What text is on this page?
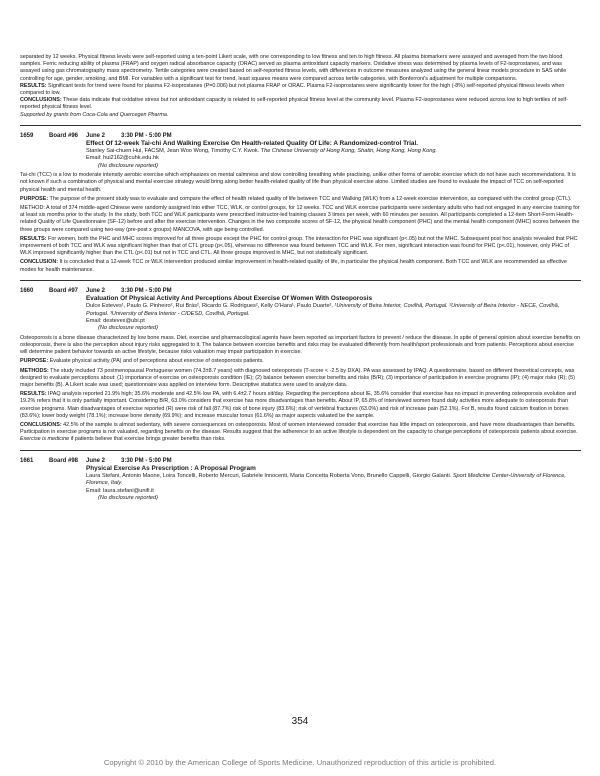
separated by 12 weeks. Physical fitness levels were self-reported using a ten-point Likert scale, with one corresponding to low fitness and ten to high fitness. All plasma biomarkers were assayed and averaged from the two blood samples. Ferric reducing ability of plasma (FRAP) and oxygen radical absorbance capacity (ORAC) served as plasma antioxidant capacity markers. Oxidative stress was determined by plasma levels of F2-isoprostanes, and was assayed using gas chromatography mass spectrometry. Tertile categories were created based on self-reported fitness levels, with differences in outcome measures analyzed using the general linear models procedure in SAS while controlling for age, gender, smoking, and BMI. For variables with a significant test for trend, least squares means were compared across tertile categories, with Bonferroni's adjustment for multiple comparisons.

RESULTS: Significant tests for trend were found for plasma F2-isoprostanes (P=0.006) but not plasma FRAP or ORAC. Plasma F2-isoprostanes were significantly lower for the high (-8%) self-reported physical fitness levels when compared to low.

CONCLUSIONS: These data indicate that oxidative stress but not antioxidant capacity is related to self-reported physical fitness level at the community level. Plasma F2-isoprostanes were reduced across low to high tertiles of self-reported physical fitness level.

Supported by grants from Coca-Cola and Quercegen Pharma.

1659	Board #96	June 2	3:30 PM - 5:00 PM
Effect Of 12-week Tai-chi And Walking Exercise On Health-related Quality Of Life: A Randomized-control Trial.

Stanley Sai-chuen Hui, FACSM, Jean Woo Wong, Timothy C.Y. Kwok. The Chinese University of Hong Kong, Shatin, Hong Kong, Hong Kong.

Email: hui2162@cuhk.edu.hk

(No disclosure reported)

Tai-chi (TCC) is a low to moderate intensity aerobic exercise which emphasizes on mental calmness and slow controlling breathing while practising, unlike other forms of aerobic exercise which do not have such recommendations. It is not known if such a combination of physical and mental exercise strategy would bring along better health-related quality of life than physical exercise alone. Limited studies are found to evaluate the impact of TCC on self-reported physical health and mental health.

PURPOSE: The purpose of the present study was to evaluate and compare the effect of health related quality of life between TCC and Walking (WLK) from a 12-week exercise intervention, as compared with the control group (CTL).

METHOD: A total of 374 middle-aged Chinese were randomly assigned into either TCC, WLK, or control groups, for 12 weeks. TCC and WLK exercise participants were sedentary adults who had not engaged in any exercise training for at least six months prior to the study. In the study, both TCC and WLK participants were prescribed instructor-led training classes 3 times per week, with 60 minutes per session. All participants completed a 12-item Short-Form Health-related Quality of Life Questionnaire (SF-12) before and after the exercise intervention. Changes in the two composite scores of SF-12, the physical health component (PHC) and the mental health component (MHC) scores between the three groups were compared using two-way (pre-post x groups) MANCOVA, with age being controlled.

RESULTS: For women, both the PHC and MHC scores improved for all three groups except the PHC for control group. The interaction for PHC was significant (p<.05) but not the MHC. Subsequent post hoc analysis revealed that PHC improvement of both TCC and WLK was significant higher than that of CTL group (p<.05), whereas no difference was found between TCC and WLK. For men, significant interaction was found for PHC (p<.01), however, only PHC of WLK improved significantly higher than the CTL (p<.01) but not in TCC and CTL. All three groups improved in MHC, but not statistically significant.

CONCLUSION: It is concluded that a 12-week TCC or WLK intervention produced similar improvement in health-related quality of life, in particular the physical health component. Both TCC and WLK are recommended as effective modes for health maintenance.

1660	Board #97	June 2	3:30 PM - 5:00 PM
Evaluation Of Physical Activity And Perceptions About Exercise Of Women With Osteoporosis

Dulce Esteves¹, Paulo G. Pinheiro², Rui Brás², Ricardo G. Rodrigues², Kelly O'Hara¹, Paulo Duarte². ¹University of Beira Interior, Covilhã, Portugal. ²University of Beira Interior - NECE, Covilhã, Portugal. ³University of Beira Interior - CIDESD, Covilhã, Portugal.

Email: destevex@ubi.pt

(No disclosure reported)

Osteoporosis is a bone disease characterized by low bone mass. Diet, exercise and pharmacological agents have been reported as important factors to prevent / reduce the disease. In spite of general opinion about exercise benefits on osteoporosis, there is also the perception about injury risks aggregated to it. The balance between exercise benefits and risks may be evaluated differently from health/sport professionals and from patients. Perceptions about exercise will determine patient behavior towards an active lifestyle, because risks valuation may impair participation in exercise.

PURPOSE: Evaluate physical activity (PA) and of perceptions about exercise of osteoporosis patients.

METHODS: The study included 73 postmenopausal Portuguese women (74.3±8.7 years) with diagnosed osteoporosis (T-score < -2.5 by DXA). PA was assessed by IPAQ. A questionnaire, based on different theoretical concepts, was designed to evaluate perceptions about: (1) importance of exercise on osteoporosis condition (IE); (2) balance between exercise benefits and risks (B/R); (3) importance of participation in exercise programs (IP); (4) major risks (R); (5) major benefits (B). A Likert scale was used; questionnaire was applied on interview form. Descriptive statistics were used to analyze data.

RESULTS: IPAQ analysis reported 21.9% high; 35.6% moderate and 42.5% low PA, with 6.4±2.7 hours sit/day. Regarding the perceptions about IE, 35.6% consider that exercise has no impact in preventing osteoporosis evolution and 19.2% refers that it is only partially important. Considering B/R, 63.0% considers that exercise has more disadvantages than benefits. About IP, 65.8% of interviewed women found daily activities more adequate to osteoporosis than exercise programs. Main disadvantages of exercise reported (R) were risk of fall (87.7%) risk of bone injury (83.6%); risk of vertebral fractures (63.0%) and risk of increase pain (52.1%). For B, results found calcium fixation in bones (83.6%); lower body weight (78.1%); increase bone density (69.9%); and increase muscular tonus (61.6%) as major aspects valuated be the sample.

CONCLUSIONS: 42.5% of the sample is almost sedentary, with severe consequences on osteoporosis. Most of women interviewed consider that exercise has little impact on osteoporosis, and have more disadvantages than benefits. Participation in exercise programs is not valuated, regarding benefits on the disease. Results suggest that the adherence to an active lifestyle is dependent on the capacity to change perceptions of osteoporosis patients about exercise. Exercise is medicine if patients believe that exercise brings greater benefits than risks.

1661	Board #98	June 2	3:30 PM - 5:00 PM
Physical Exercise As Prescription : A Proposal Program

Laura Stefani, Antonio Maone, Loira Toncelli, Roberto Mercuri, Gabriele Innocenti, Maria Concetta Roberta Vono, Brunello Cappelli, Giorgio Galanti. Sport Medicine Center-University of Florence, Florence, Italy.

Email: laura.stefani@unifi.it

(No disclosure reported)

354
Copyright © 2010 by the American College of Sports Medicine. Unauthorized reproduction of this article is prohibited.
